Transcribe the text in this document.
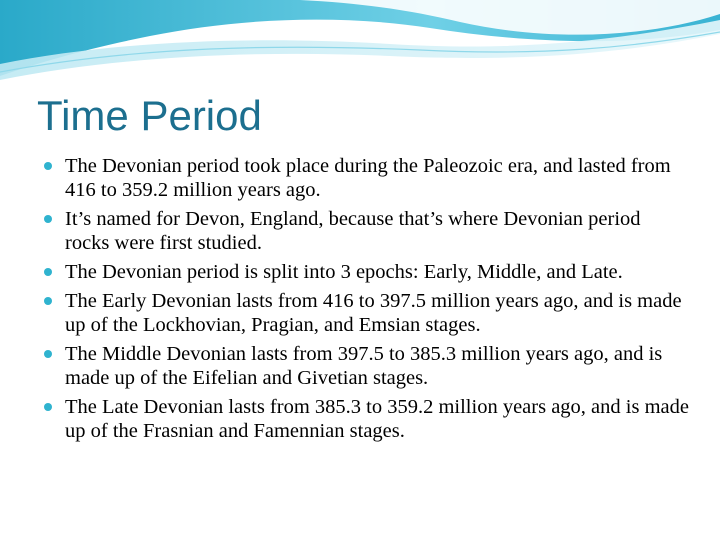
Time Period
The Devonian period took place during the Paleozoic era, and lasted from 416 to 359.2 million years ago.
It’s named for Devon, England, because that’s where Devonian period rocks were first studied.
The Devonian period is split into 3 epochs: Early, Middle, and Late.
The Early Devonian lasts from 416 to 397.5 million years ago, and is made up of the Lockhovian, Pragian, and Emsian stages.
The Middle Devonian lasts from 397.5 to 385.3 million years ago, and is made up of the Eifelian and Givetian stages.
The Late Devonian lasts from 385.3 to 359.2 million years ago, and is made up of the Frasnian and Famennian stages.
